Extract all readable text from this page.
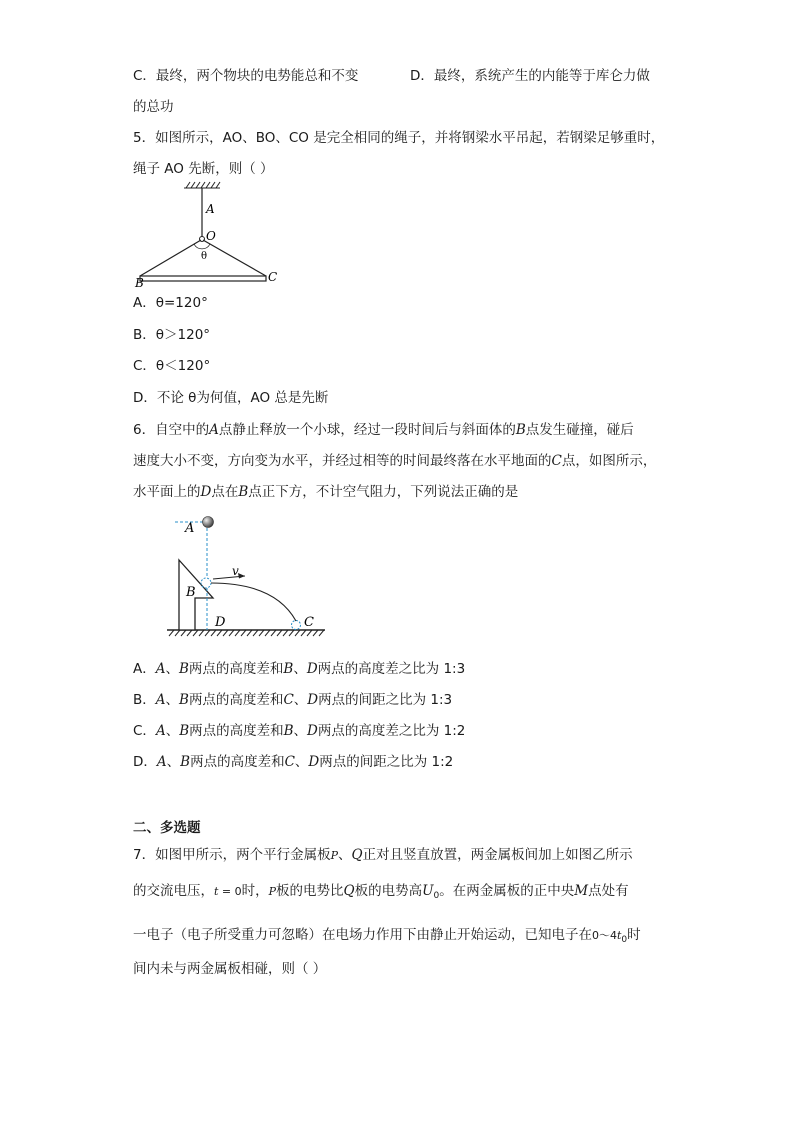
C．最终，两个物块的电势能总和不变	D．最终，系统产生的内能等于库仑力做
的总功
5．如图所示，AO、BO、CO 是完全相同的绳子，并将钢梁水平吊起，若钢梁足够重时，
绳子 AO 先断，则（ ）
A
O
θ
B	C
A．θ=120°
B．θ＞120°
C．θ＜120°
D．不论 θ为何值，AO 总是先断
6．自空中的A点静止释放一个小球，经过一段时间后与斜面体的B点发生碰撞，碰后
速度大小不变，方向变为水平，并经过相等的时间最终落在水平地面的C点，如图所示，
水平面上的D点在B点正下方，不计空气阻力，下列说法正确的是
A
B
v
D	C
A．A、B两点的高度差和B、D两点的高度差之比为 1:3
B．A、B两点的高度差和C、D两点的间距之比为 1:3
C．A、B两点的高度差和B、D两点的高度差之比为 1:2
D．A、B两点的高度差和C、D两点的间距之比为 1:2
二、多选题
7．如图甲所示，两个平行金属板P、Q正对且竖直放置，两金属板间加上如图乙所示
的交流电压，t = 0时，P板的电势比Q板的电势高$U_0$。在两金属板的正中央M点处有
一电子（电子所受重力可忽略）在电场力作用下由静止开始运动，已知电子在$0\sim 4t_0$时
间内未与两金属板相碰，则（ ）
